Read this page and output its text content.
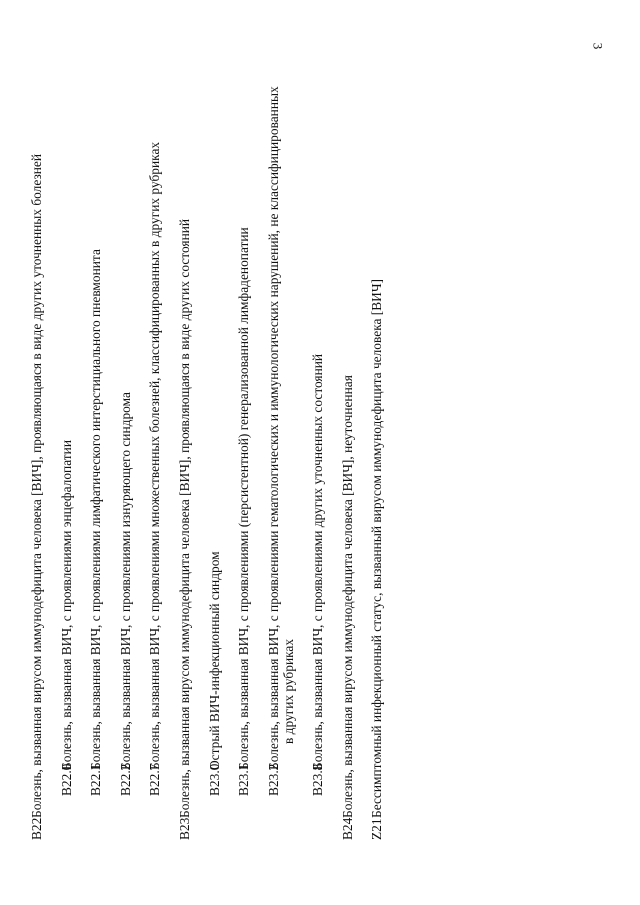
3
B22
Болезнь, вызванная вирусом иммунодефицита человека [ВИЧ], проявляющаяся в виде других уточненных болезней B22.0
Болезнь, вызванная ВИЧ, с проявлениями энцефалопатии
B22.1
Болезнь, вызванная ВИЧ, с проявлениями лимфатического интерстициального пневмонита
B22.2
Болезнь, вызванная ВИЧ, с проявлениями изнуряющего синдрома
B22.7
Болезнь, вызванная ВИЧ, с проявлениями множественных болезней, классифицированных в других рубриках
B23
Болезнь, вызванная вирусом иммунодефицита человека [ВИЧ], проявляющаяся в виде других состояний B23.0
Острый ВИЧ-инфекционный синдром
B23.1
Болезнь, вызванная ВИЧ, с проявлениями (персистентной) генерализованной лимфаденопатии
B23.2
Болезнь, вызванная ВИЧ, с проявлениями гематологических и иммунологических нарушений, не классифицированных в других рубриках
B23.8
Болезнь, вызванная ВИЧ, с проявлениями других уточненных состояний
B24
Болезнь, вызванная вирусом иммунодефицита человека [ВИЧ], неуточненная
Z21
Бессимптомный инфекционный статус, вызванный вирусом иммунодефицита человека [ВИЧ]
